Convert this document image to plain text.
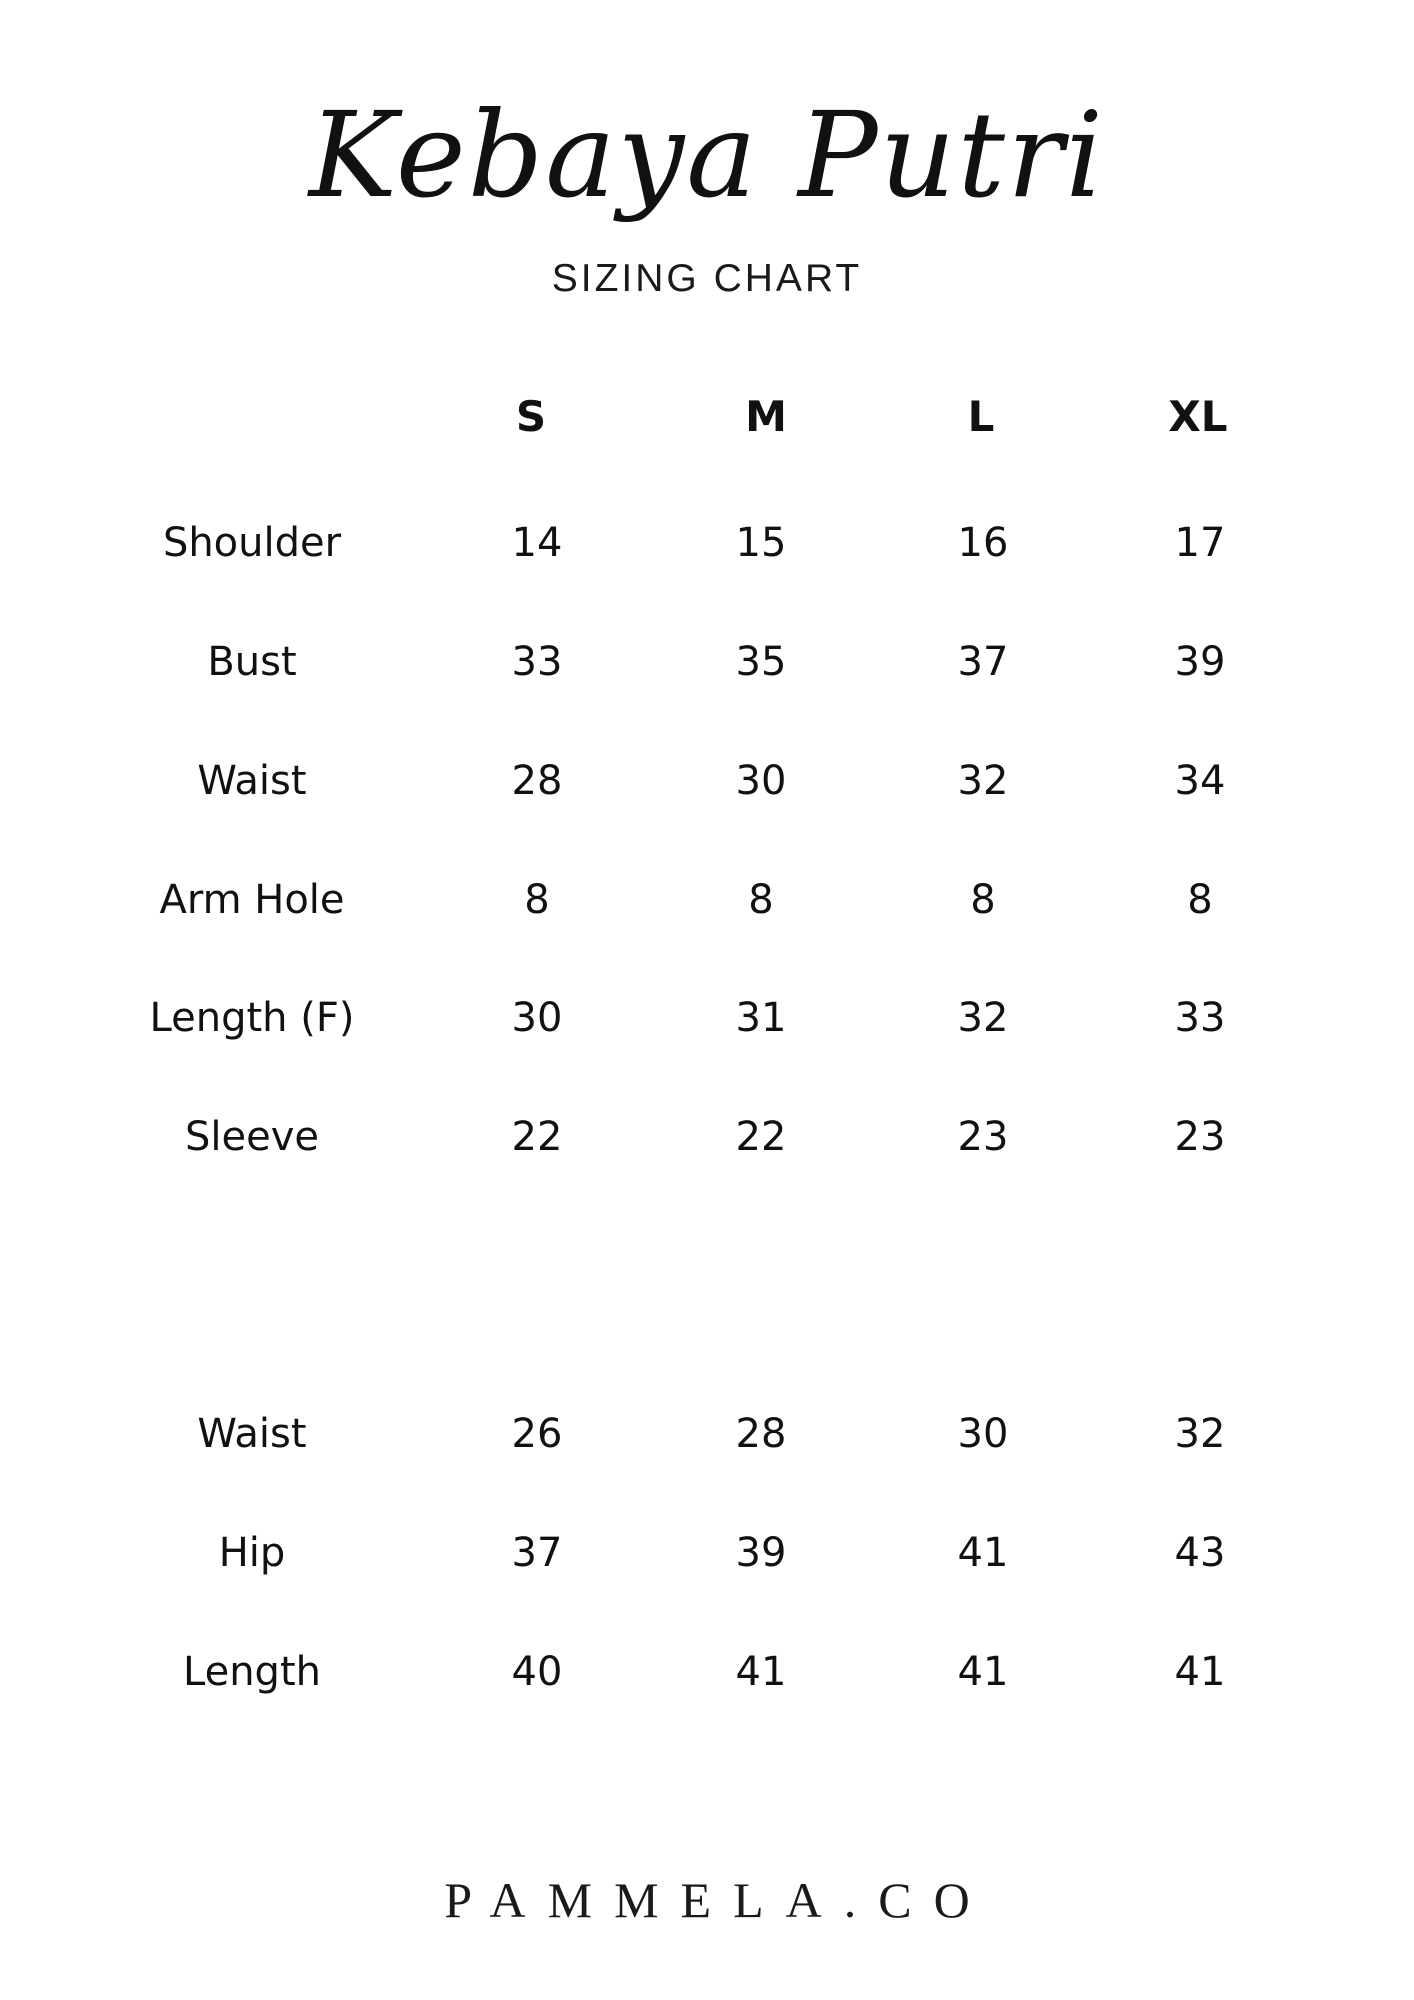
Kebaya Putri
SIZING CHART
S	M	L	XL
Shoulder	14	15	16	17
Bust	33	35	37	39
Waist	28	30	32	34
Arm Hole	8	8	8	8
Length (F)	30	31	32	33
Sleeve	22	22	23	23
Waist	26	28	30	32
Hip	37	39	41	43
Length	40	41	41	41
PAMMELA.CO
